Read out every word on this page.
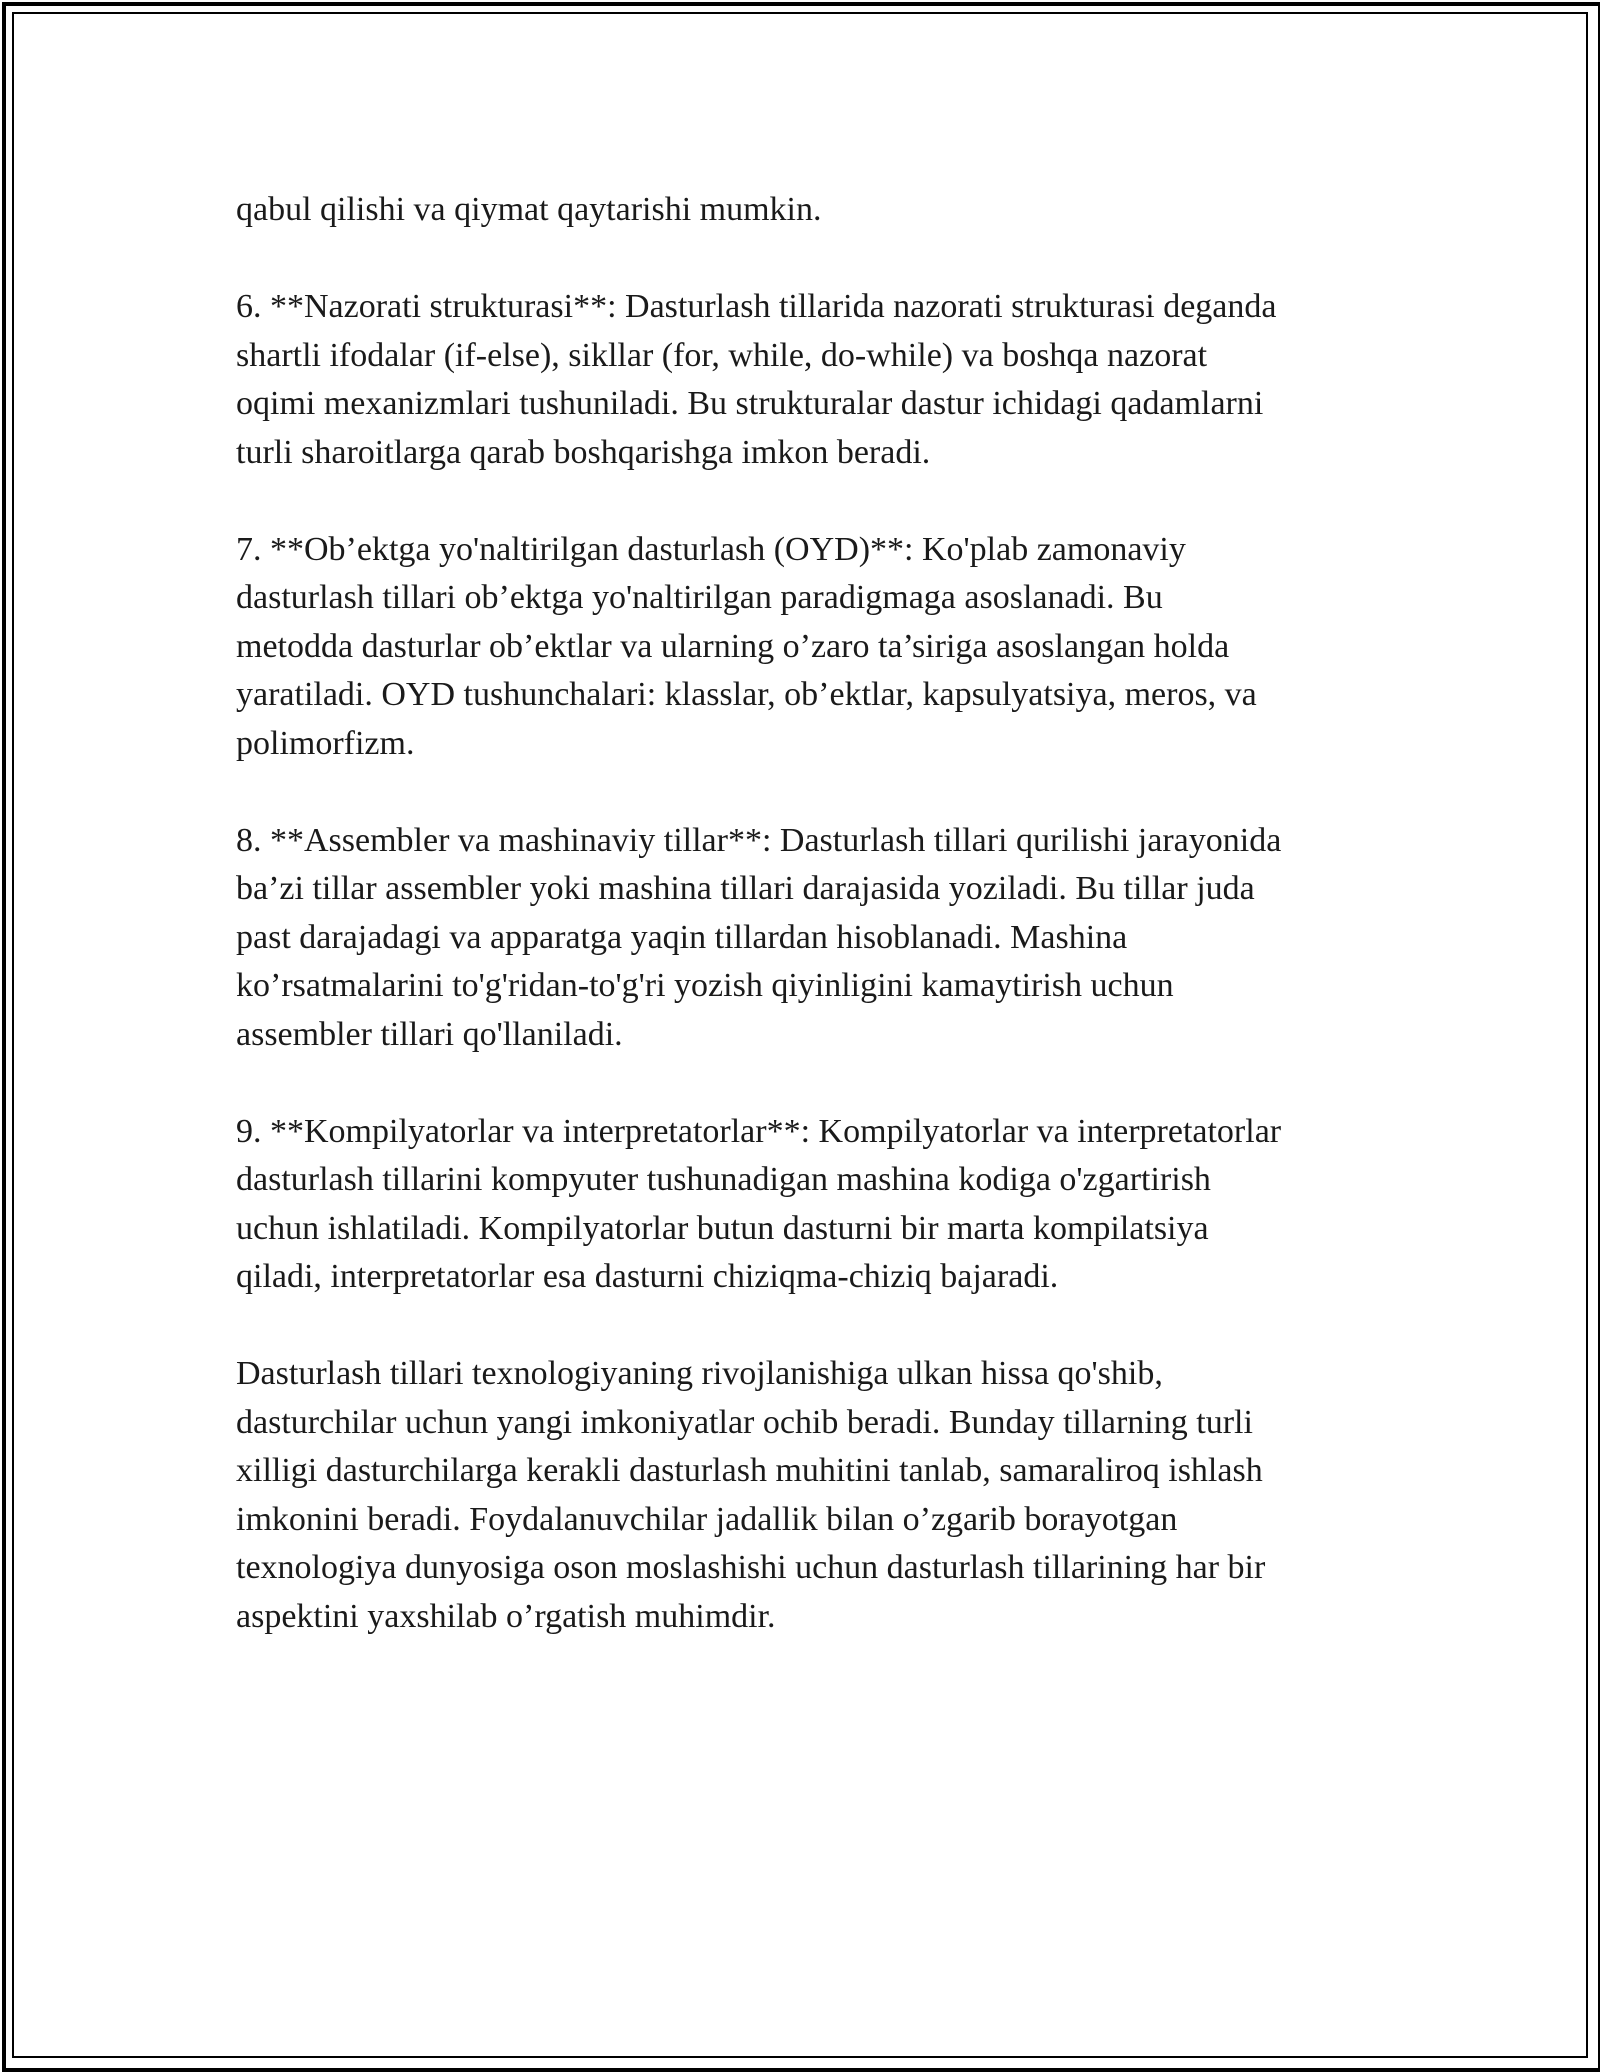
qabul qilishi va qiymat qaytarishi mumkin.

6. **Nazorati strukturasi**: Dasturlash tillarida nazorati strukturasi deganda
shartli ifodalar (if-else), sikllar (for, while, do-while) va boshqa nazorat
oqimi mexanizmlari tushuniladi. Bu strukturalar dastur ichidagi qadamlarni
turli sharoitlarga qarab boshqarishga imkon beradi.

7. **Ob’ektga yo'naltirilgan dasturlash (OYD)**: Ko'plab zamonaviy
dasturlash tillari ob’ektga yo'naltirilgan paradigmaga asoslanadi. Bu
metodda dasturlar ob’ektlar va ularning o’zaro ta’siriga asoslangan holda
yaratiladi. OYD tushunchalari: klasslar, ob’ektlar, kapsulyatsiya, meros, va
polimorfizm.

8. **Assembler va mashinaviy tillar**: Dasturlash tillari qurilishi jarayonida
ba’zi tillar assembler yoki mashina tillari darajasida yoziladi. Bu tillar juda
past darajadagi va apparatga yaqin tillardan hisoblanadi. Mashina
ko’rsatmalarini to'g'ridan-to'g'ri yozish qiyinligini kamaytirish uchun
assembler tillari qo'llaniladi.

9. **Kompilyatorlar va interpretatorlar**: Kompilyatorlar va interpretatorlar
dasturlash tillarini kompyuter tushunadigan mashina kodiga o'zgartirish
uchun ishlatiladi. Kompilyatorlar butun dasturni bir marta kompilatsiya
qiladi, interpretatorlar esa dasturni chiziqma-chiziq bajaradi.

Dasturlash tillari texnologiyaning rivojlanishiga ulkan hissa qo'shib,
dasturchilar uchun yangi imkoniyatlar ochib beradi. Bunday tillarning turli
xilligi dasturchilarga kerakli dasturlash muhitini tanlab, samaraliroq ishlash
imkonini beradi. Foydalanuvchilar jadallik bilan o’zgarib borayotgan
texnologiya dunyosiga oson moslashishi uchun dasturlash tillarining har bir
aspektini yaxshilab o’rgatish muhimdir.
